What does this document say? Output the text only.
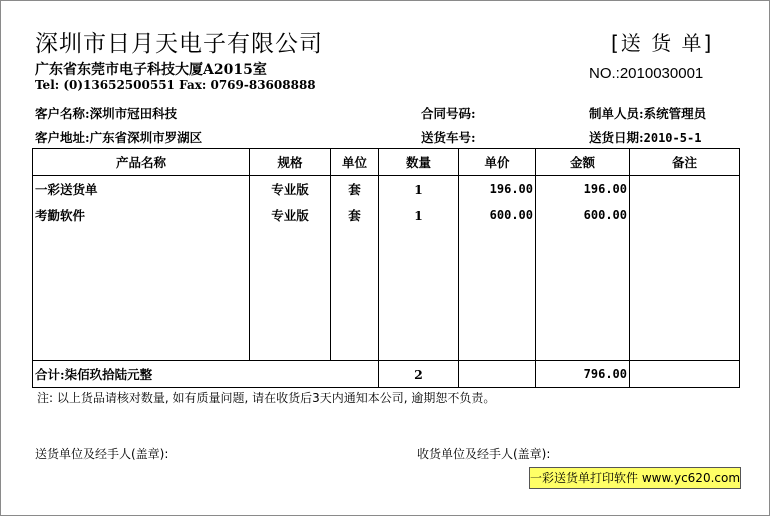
深圳市日月天电子有限公司	[送 货 单]
广东省东莞市电子科技大厦A2015室
Tel: (0)13652500551 Fax: 0769-83608888
NO.:2010030001
客户名称:深圳市冠田科技	合同号码:	制单人员:系统管理员
客户地址:广东省深圳市罗湖区	送货车号:	送货日期:2010-5-1
产品名称	规格	单位	数量	单价	金额	备注
一彩送货单	专业版	套	1	196.00	196.00	
考勤软件	专业版	套	1	600.00	600.00	

合计:柒佰玖拾陆元整			2		796.00	
注: 以上货品请核对数量, 如有质量问题, 请在收货后3天内通知本公司, 逾期恕不负责。
送货单位及经手人(盖章):	收货单位及经手人(盖章):
一彩送货单打印软件 www.yc620.com
